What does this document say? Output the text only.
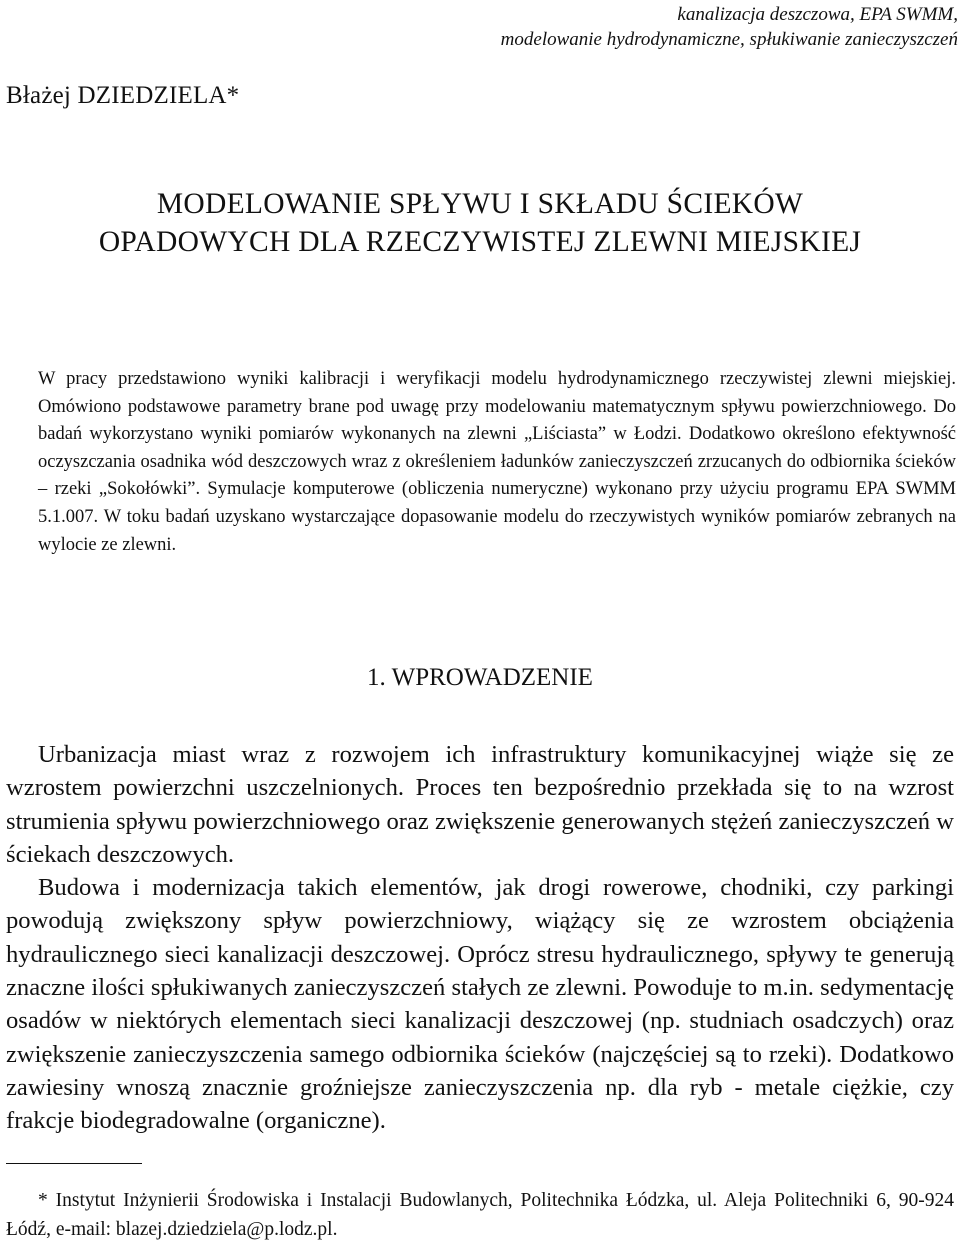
kanalizacja deszczowa, EPA SWMM,
modelowanie hydrodynamiczne, spłukiwanie zanieczyszczeń
Błażej DZIEDZIELA*
MODELOWANIE SPŁYWU I SKŁADU ŚCIEKÓW
OPADOWYCH DLA RZECZYWISTEJ ZLEWNI MIEJSKIEJ

W pracy przedstawiono wyniki kalibracji i weryfikacji modelu hydrodynamicznego rzeczywistej zlewni miejskiej. Omówiono podstawowe parametry brane pod uwagę przy modelowaniu matematycznym spływu powierzchniowego. Do badań wykorzystano wyniki pomiarów wykonanych na zlewni „Liściasta” w Łodzi. Dodatkowo określono efektywność oczyszczania osadnika wód deszczowych wraz z określeniem ładunków zanieczyszczeń zrzucanych do odbiornika ścieków – rzeki „Sokołówki”. Symulacje komputerowe (obliczenia numeryczne) wykonano przy użyciu programu EPA SWMM 5.1.007. W toku badań uzyskano wystarczające dopasowanie modelu do rzeczywistych wyników pomiarów zebranych na wylocie ze zlewni.

1. WPROWADZENIE

Urbanizacja miast wraz z rozwojem ich infrastruktury komunikacyjnej wiąże się ze wzrostem powierzchni uszczelnionych. Proces ten bezpośrednio przekłada się to na wzrost strumienia spływu powierzchniowego oraz zwiększenie generowanych stężeń zanieczyszczeń w ściekach deszczowych.

Budowa i modernizacja takich elementów, jak drogi rowerowe, chodniki, czy parkingi powodują zwiększony spływ powierzchniowy, wiążący się ze wzrostem obciążenia hydraulicznego sieci kanalizacji deszczowej. Oprócz stresu hydraulicznego, spływy te generują znaczne ilości spłukiwanych zanieczyszczeń stałych ze zlewni. Powoduje to m.in. sedymentację osadów w niektórych elementach sieci kanalizacji deszczowej (np. studniach osadczych) oraz zwiększenie zanieczyszczenia samego odbiornika ścieków (najczęściej są to rzeki). Dodatkowo zawiesiny wnoszą znacznie groźniejsze zanieczyszczenia np. dla ryb - metale ciężkie, czy frakcje biodegradowalne (organiczne).

* Instytut Inżynierii Środowiska i Instalacji Budowlanych, Politechnika Łódzka, ul. Aleja Politechniki 6, 90-924 Łódź, e-mail: blazej.dziedziela@p.lodz.pl.
